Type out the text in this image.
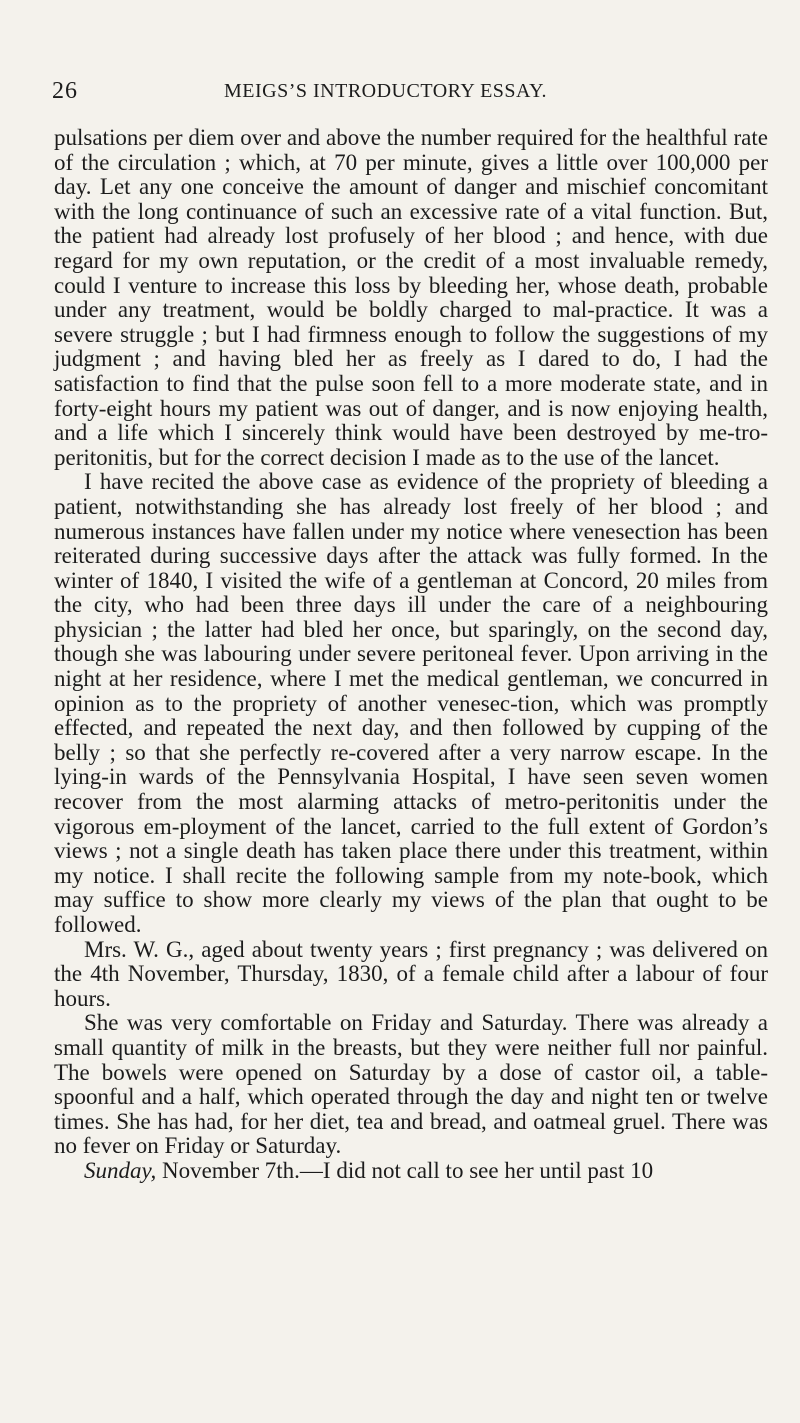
26	MEIGS’S INTRODUCTORY ESSAY.

pulsations per diem over and above the number required for the healthful rate of the circulation ; which, at 70 per minute, gives a little over 100,000 per day. Let any one conceive the amount of danger and mischief concomitant with the long continuance of such an excessive rate of a vital function. But, the patient had already lost profusely of her blood ; and hence, with due regard for my own reputation, or the credit of a most invaluable remedy, could I venture to increase this loss by bleeding her, whose death, probable under any treatment, would be boldly charged to mal-practice. It was a severe struggle ; but I had firmness enough to follow the suggestions of my judgment ; and having bled her as freely as I dared to do, I had the satisfaction to find that the pulse soon fell to a more moderate state, and in forty-eight hours my patient was out of danger, and is now enjoying health, and a life which I sincerely think would have been destroyed by me-tro-peritonitis, but for the correct decision I made as to the use of the lancet.

I have recited the above case as evidence of the propriety of bleeding a patient, notwithstanding she has already lost freely of her blood ; and numerous instances have fallen under my notice where venesection has been reiterated during successive days after the attack was fully formed. In the winter of 1840, I visited the wife of a gentleman at Concord, 20 miles from the city, who had been three days ill under the care of a neighbouring physician ; the latter had bled her once, but sparingly, on the second day, though she was labouring under severe peritoneal fever. Upon arriving in the night at her residence, where I met the medical gentleman, we concurred in opinion as to the propriety of another venesec-tion, which was promptly effected, and repeated the next day, and then followed by cupping of the belly ; so that she perfectly re-covered after a very narrow escape. In the lying-in wards of the Pennsylvania Hospital, I have seen seven women recover from the most alarming attacks of metro-peritonitis under the vigorous em-ployment of the lancet, carried to the full extent of Gordon’s views ; not a single death has taken place there under this treatment, within my notice. I shall recite the following sample from my note-book, which may suffice to show more clearly my views of the plan that ought to be followed.

Mrs. W. G., aged about twenty years ; first pregnancy ; was delivered on the 4th November, Thursday, 1830, of a female child after a labour of four hours.

She was very comfortable on Friday and Saturday. There was already a small quantity of milk in the breasts, but they were neither full nor painful. The bowels were opened on Saturday by a dose of castor oil, a table-spoonful and a half, which operated through the day and night ten or twelve times. She has had, for her diet, tea and bread, and oatmeal gruel. There was no fever on Friday or Saturday.

Sunday, November 7th.—I did not call to see her until past 10
